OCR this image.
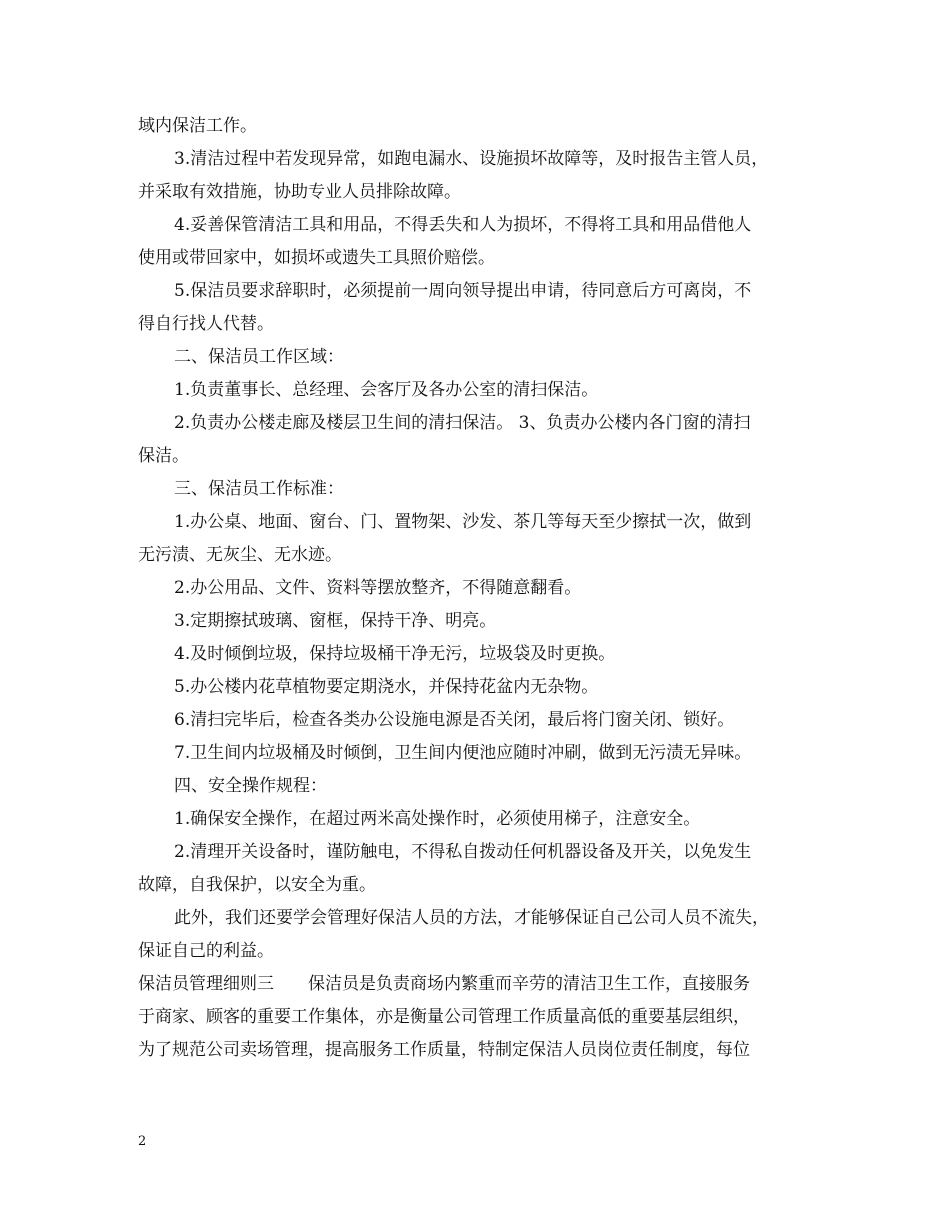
域内保洁工作。
3.清洁过程中若发现异常，如跑电漏水、设施损坏故障等，及时报告主管人员，
并采取有效措施，协助专业人员排除故障。
4.妥善保管清洁工具和用品，不得丢失和人为损坏，不得将工具和用品借他人
使用或带回家中，如损坏或遗失工具照价赔偿。
5.保洁员要求辞职时，必须提前一周向领导提出申请，待同意后方可离岗，不
得自行找人代替。
二、保洁员工作区域：
1.负责董事长、总经理、会客厅及各办公室的清扫保洁。
2.负责办公楼走廊及楼层卫生间的清扫保洁。 3、负责办公楼内各门窗的清扫
保洁。
三、保洁员工作标准：
1.办公桌、地面、窗台、门、置物架、沙发、茶几等每天至少擦拭一次，做到
无污渍、无灰尘、无水迹。
2.办公用品、文件、资料等摆放整齐，不得随意翻看。
3.定期擦拭玻璃、窗框，保持干净、明亮。
4.及时倾倒垃圾，保持垃圾桶干净无污，垃圾袋及时更换。
5.办公楼内花草植物要定期浇水，并保持花盆内无杂物。
6.清扫完毕后，检查各类办公设施电源是否关闭，最后将门窗关闭、锁好。
7.卫生间内垃圾桶及时倾倒，卫生间内便池应随时冲刷，做到无污渍无异味。
四、安全操作规程：
1.确保安全操作，在超过两米高处操作时，必须使用梯子，注意安全。
2.清理开关设备时，谨防触电，不得私自拨动任何机器设备及开关，以免发生
故障，自我保护，以安全为重。
此外，我们还要学会管理好保洁人员的方法，才能够保证自己公司人员不流失，
保证自己的利益。
保洁员管理细则三　　保洁员是负责商场内繁重而辛劳的清洁卫生工作，直接服务
于商家、顾客的重要工作集体，亦是衡量公司管理工作质量高低的重要基层组织，
为了规范公司卖场管理，提高服务工作质量，特制定保洁人员岗位责任制度，每位
2
